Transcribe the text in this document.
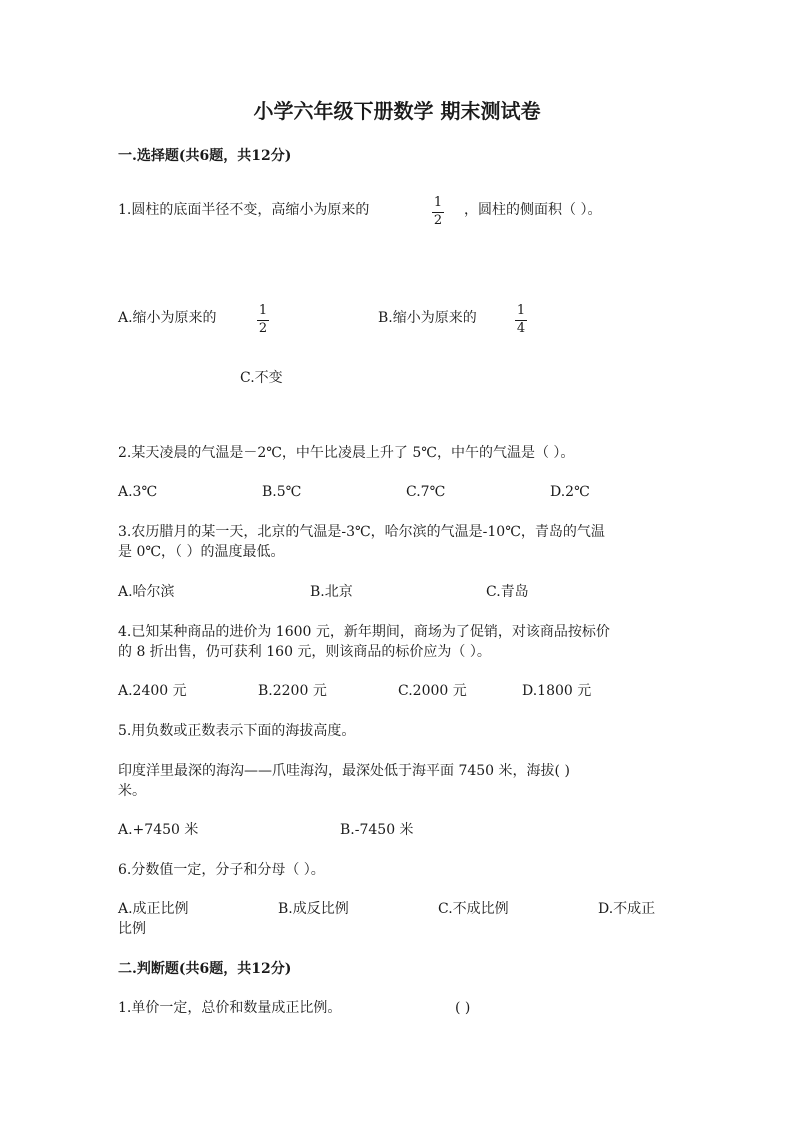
小学六年级下册数学 期末测试卷
一.选择题(共6题，共12分)
1.圆柱的底面半径不变，高缩小为原来的	1
2
，圆柱的侧面积（ ）。
A.缩小为原来的	1
2
B.缩小为原来的	1
4
C.不变
2.某天凌晨的气温是－2℃，中午比凌晨上升了 5℃，中午的气温是（ ）。
A.3℃	B.5℃	C.7℃	D.2℃
3.农历腊月的某一天，北京的气温是-3℃，哈尔滨的气温是-10℃，青岛的气温
是 0℃，（ ）的温度最低。
A.哈尔滨	B.北京	C.青岛
4.已知某种商品的进价为 1600 元，新年期间，商场为了促销，对该商品按标价
的 8 折出售，仍可获利 160 元，则该商品的标价应为（ ）。
A.2400 元	B.2200 元	C.2000 元	D.1800 元
5.用负数或正数表示下面的海拔高度。
印度洋里最深的海沟——爪哇海沟，最深处低于海平面 7450 米，海拔( )
米。
A.+7450 米	B.-7450 米
6.分数值一定，分子和分母（ ）。
A.成正比例	B.成反比例	C.不成比例	D.不成正
比例
二.判断题(共6题，共12分)
1.单价一定，总价和数量成正比例。	( )
